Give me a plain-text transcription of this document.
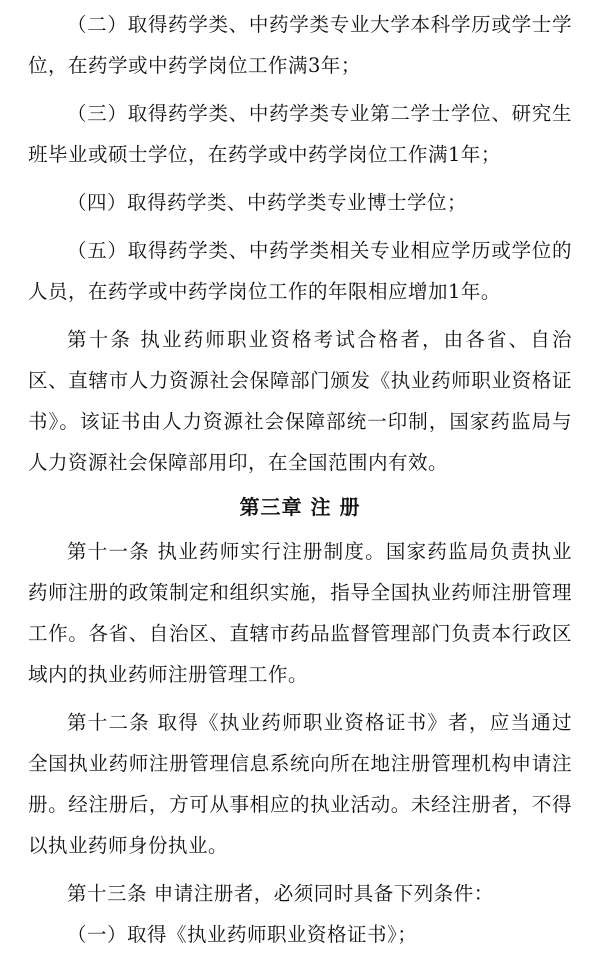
（二）取得药学类、中药学类专业大学本科学历或学士学位，在药学或中药学岗位工作满3年；

（三）取得药学类、中药学类专业第二学士学位、研究生班毕业或硕士学位，在药学或中药学岗位工作满1年；

（四）取得药学类、中药学类专业博士学位；

（五）取得药学类、中药学类相关专业相应学历或学位的人员，在药学或中药学岗位工作的年限相应增加1年。

第十条 执业药师职业资格考试合格者，由各省、自治区、直辖市人力资源社会保障部门颁发《执业药师职业资格证书》。该证书由人力资源社会保障部统一印制，国家药监局与人力资源社会保障部用印，在全国范围内有效。

第三章 注 册

第十一条 执业药师实行注册制度。国家药监局负责执业药师注册的政策制定和组织实施，指导全国执业药师注册管理工作。各省、自治区、直辖市药品监督管理部门负责本行政区域内的执业药师注册管理工作。

第十二条 取得《执业药师职业资格证书》者，应当通过全国执业药师注册管理信息系统向所在地注册管理机构申请注册。经注册后，方可从事相应的执业活动。未经注册者，不得以执业药师身份执业。

第十三条 申请注册者，必须同时具备下列条件：

（一）取得《执业药师职业资格证书》；
